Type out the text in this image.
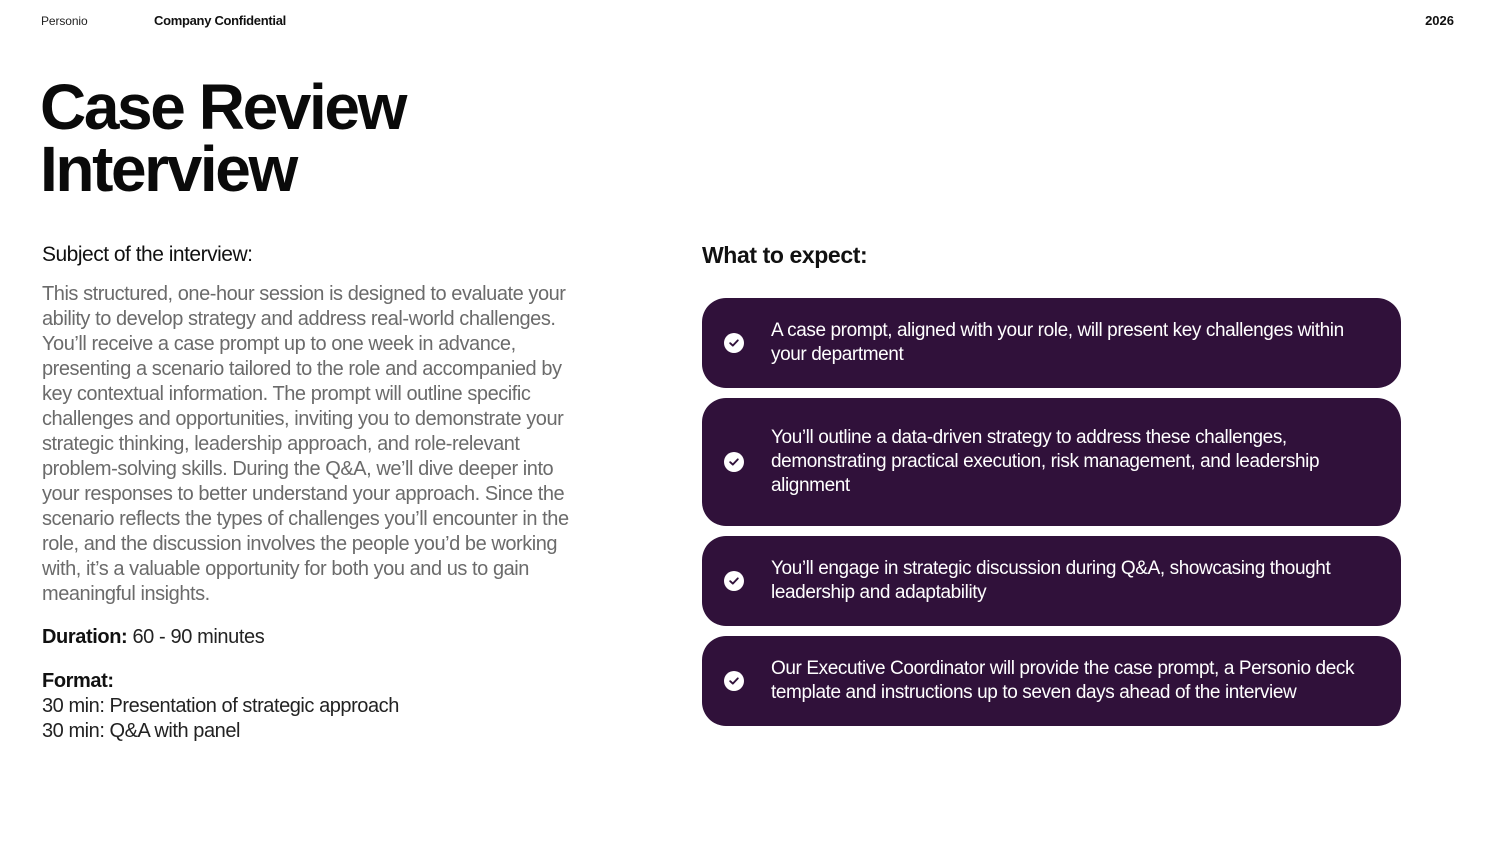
Personio	Company Confidential	2026
Case Review
Interview
Subject of the interview:
This structured, one-hour session is designed to evaluate your ability to develop strategy and address real-world challenges. You’ll receive a case prompt up to one week in advance, presenting a scenario tailored to the role and accompanied by key contextual information. The prompt will outline specific challenges and opportunities, inviting you to demonstrate your strategic thinking, leadership approach, and role-relevant problem-solving skills. During the Q&A, we’ll dive deeper into your responses to better understand your approach. Since the scenario reflects the types of challenges you’ll encounter in the role, and the discussion involves the people you’d be working with, it’s a valuable opportunity for both you and us to gain meaningful insights.
Duration: 60 - 90 minutes
Format:
30 min: Presentation of strategic approach
30 min: Q&A with panel
What to expect:
A case prompt, aligned with your role, will present key challenges within your department
You’ll outline a data-driven strategy to address these challenges, demonstrating practical execution, risk management, and leadership alignment
You’ll engage in strategic discussion during Q&A, showcasing thought leadership and adaptability
Our Executive Coordinator will provide the case prompt, a Personio deck template and instructions up to seven days ahead of the interview
